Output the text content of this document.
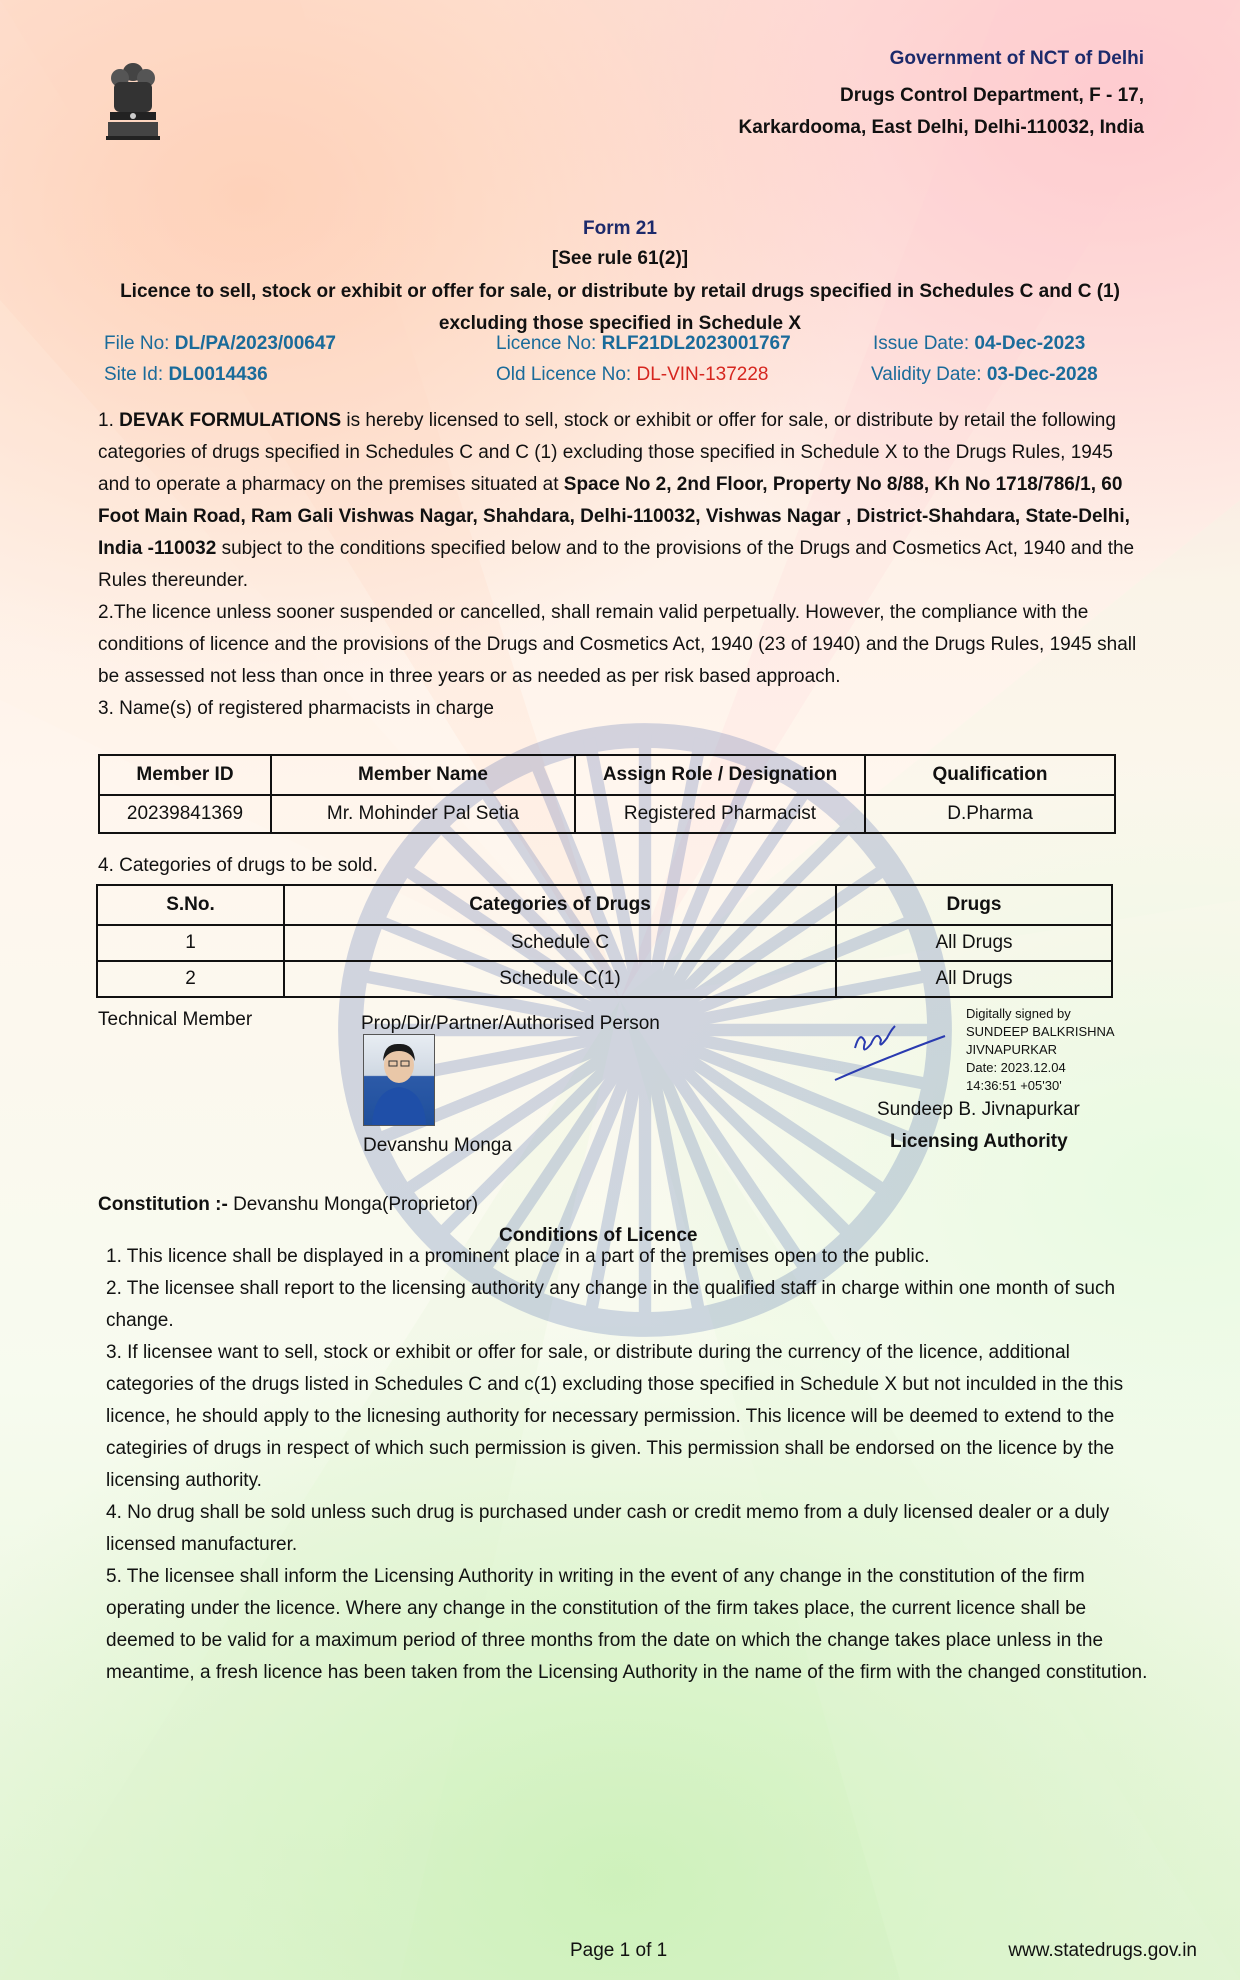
Government of NCT of Delhi
Drugs Control Department, F - 17,
Karkardooma, East Delhi, Delhi-110032, India
Form 21
[See rule 61(2)]
Licence to sell, stock or exhibit or offer for sale, or distribute by retail drugs specified in Schedules C and C (1) excluding those specified in Schedule X
File No: DL/PA/2023/00647	Licence No: RLF21DL2023001767	Issue Date: 04-Dec-2023
Site Id: DL0014436	Old Licence No: DL-VIN-137228	Validity Date: 03-Dec-2028
1. DEVAK FORMULATIONS is hereby licensed to sell, stock or exhibit or offer for sale, or distribute by retail the following categories of drugs specified in Schedules C and C (1) excluding those specified in Schedule X to the Drugs Rules, 1945 and to operate a pharmacy on the premises situated at Space No 2, 2nd Floor, Property No 8/88, Kh No 1718/786/1, 60 Foot Main Road, Ram Gali Vishwas Nagar, Shahdara, Delhi-110032, Vishwas Nagar , District-Shahdara, State-Delhi, India -110032 subject to the conditions specified below and to the provisions of the Drugs and Cosmetics Act, 1940 and the Rules thereunder.
2.The licence unless sooner suspended or cancelled, shall remain valid perpetually. However, the compliance with the conditions of licence and the provisions of the Drugs and Cosmetics Act, 1940 (23 of 1940) and the Drugs Rules, 1945 shall be assessed not less than once in three years or as needed as per risk based approach.
3. Name(s) of registered pharmacists in charge
Member ID	Member Name	Assign Role / Designation	Qualification
20239841369	Mr. Mohinder Pal Setia	Registered Pharmacist	D.Pharma
4. Categories of drugs to be sold.
S.No.	Categories of Drugs	Drugs
1	Schedule C	All Drugs
2	Schedule C(1)	All Drugs
Technical Member	Prop/Dir/Partner/Authorised Person
Devanshu Monga
Digitally signed by
SUNDEEP BALKRISHNA
JIVNAPURKAR
Date: 2023.12.04
14:36:51 +05'30'
Sundeep B. Jivnapurkar
Licensing Authority
Constitution :- Devanshu Monga(Proprietor)
Conditions of Licence
1. This licence shall be displayed in a prominent place in a part of the premises open to the public.
2. The licensee shall report to the licensing authority any change in the qualified staff in charge within one month of such change.
3. If licensee want to sell, stock or exhibit or offer for sale, or distribute during the currency of the licence, additional categories of the drugs listed in Schedules C and c(1) excluding those specified in Schedule X but not inculded in the this licence, he should apply to the licnesing authority for necessary permission. This licence will be deemed to extend to the categiries of drugs in respect of which such permission is given. This permission shall be endorsed on the licence by the licensing authority.
4. No drug shall be sold unless such drug is purchased under cash or credit memo from a duly licensed dealer or a duly licensed manufacturer.
5. The licensee shall inform the Licensing Authority in writing in the event of any change in the constitution of the firm operating under the licence. Where any change in the constitution of the firm takes place, the current licence shall be deemed to be valid for a maximum period of three months from the date on which the change takes place unless in the meantime, a fresh licence has been taken from the Licensing Authority in the name of the firm with the changed constitution.
Page 1 of 1	www.statedrugs.gov.in
